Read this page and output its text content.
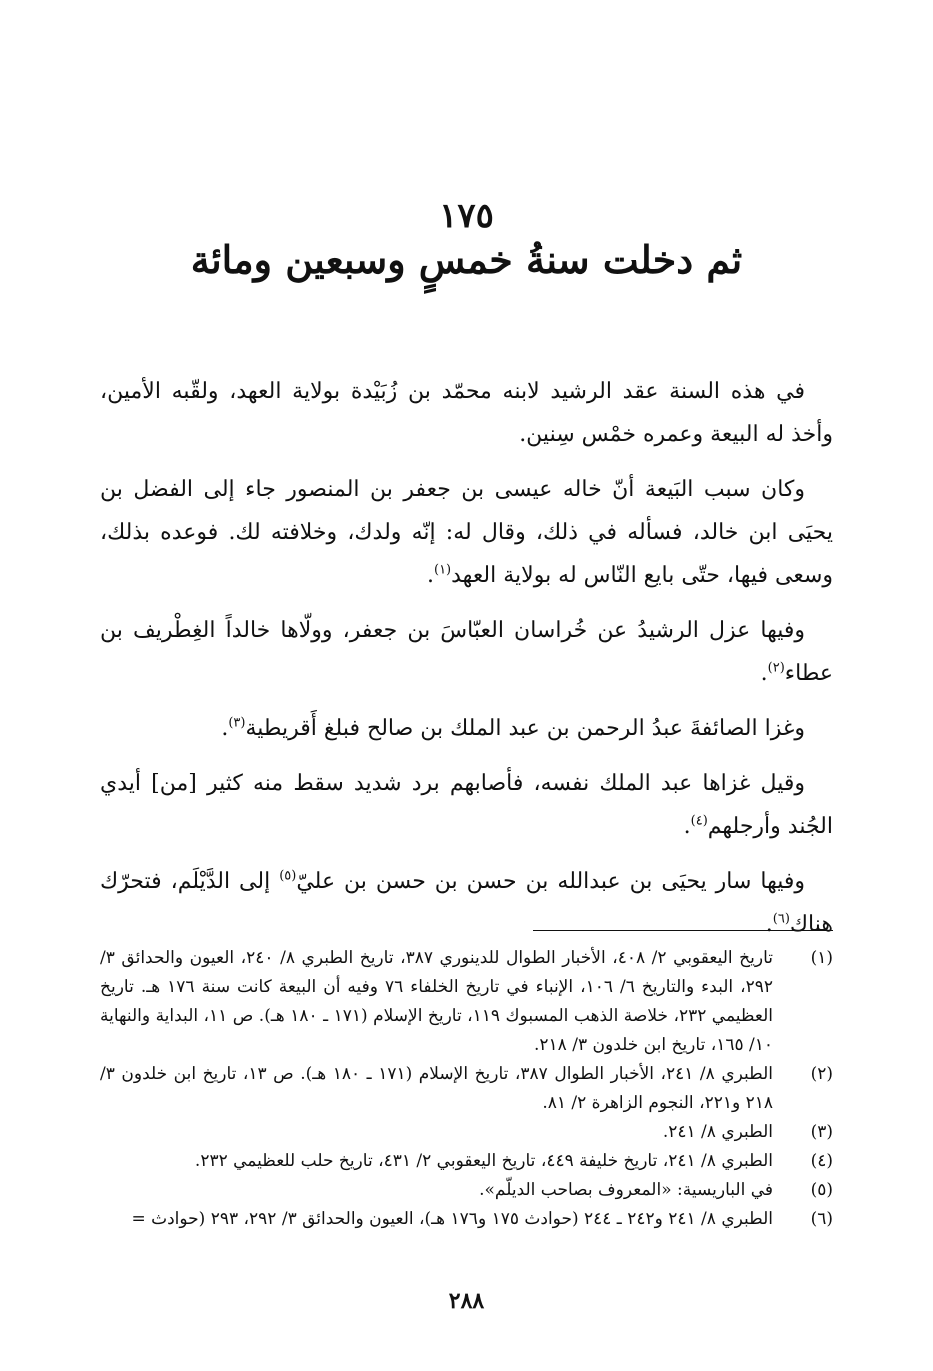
١٧٥
ثم دخلت سنةُ خمسٍ وسبعين ومائة

في هذه السنة عقد الرشيد لابنه محمّد بن زُبَيْدة بولاية العهد، ولقّبه الأمين، وأخذ له البيعة وعمره خمْس سِنين.

وكان سبب البَيعة أنّ خاله عيسى بن جعفر بن المنصور جاء إلى الفضل بن يحيَى ابن خالد، فسأله في ذلك، وقال له: إنّه ولدك، وخلافته لك. فوعده بذلك، وسعى فيها، حتّى بايع النّاس له بولاية العهد$^{(١)}$.

وفيها عزل الرشيدُ عن خُراسان العبّاسَ بن جعفر، وولّاها خالداً الغِطْريف بن عطاء$^{(٢)}$.

وغزا الصائفةَ عبدُ الرحمن بن عبد الملك بن صالح فبلغ أَقريطية$^{(٣)}$.

وقيل غزاها عبد الملك نفسه، فأصابهم برد شديد سقط منه كثير [من] أيدي الجُند وأرجلهم$^{(٤)}$.

وفيها سار يحيَى بن عبدالله بن حسن بن حسن بن عليّ$^{(٥)}$ إلى الدَّيْلَم، فتحرّك هناك$^{(٦)}$.

(١)
تاريخ اليعقوبي ٢/ ٤٠٨، الأخبار الطوال للدينوري ٣٨٧، تاريخ الطبري ٨/ ٢٤٠، العيون والحدائق ٣/ ٢٩٢، البدء والتاريخ ٦/ ١٠٦، الإنباء في تاريخ الخلفاء ٧٦ وفيه أن البيعة كانت سنة ١٧٦ هـ. تاريخ العظيمي ٢٣٢، خلاصة الذهب المسبوك ١١٩، تاريخ الإسلام (١٧١ ـ ١٨٠ هـ). ص ١١، البداية والنهاية ١٠/ ١٦٥، تاريخ ابن خلدون ٣/ ٢١٨.
(٢)
الطبري ٨/ ٢٤١، الأخبار الطوال ٣٨٧، تاريخ الإسلام (١٧١ ـ ١٨٠ هـ). ص ١٣، تاريخ ابن خلدون ٣/ ٢١٨ و٢٢١، النجوم الزاهرة ٢/ ٨١.
(٣)
الطبري ٨/ ٢٤١.
(٤)
الطبري ٨/ ٢٤١، تاريخ خليفة ٤٤٩، تاريخ اليعقوبي ٢/ ٤٣١، تاريخ حلب للعظيمي ٢٣٢.
(٥)
في الباريسية: «المعروف بصاحب الديلّم».
(٦)
الطبري ٨/ ٢٤١ و٢٤٢ ـ ٢٤٤ (حوادث ١٧٥ و١٧٦ هـ)، العيون والحدائق ٣/ ٢٩٢، ٢٩٣ (حوادث =
٢٨٨
